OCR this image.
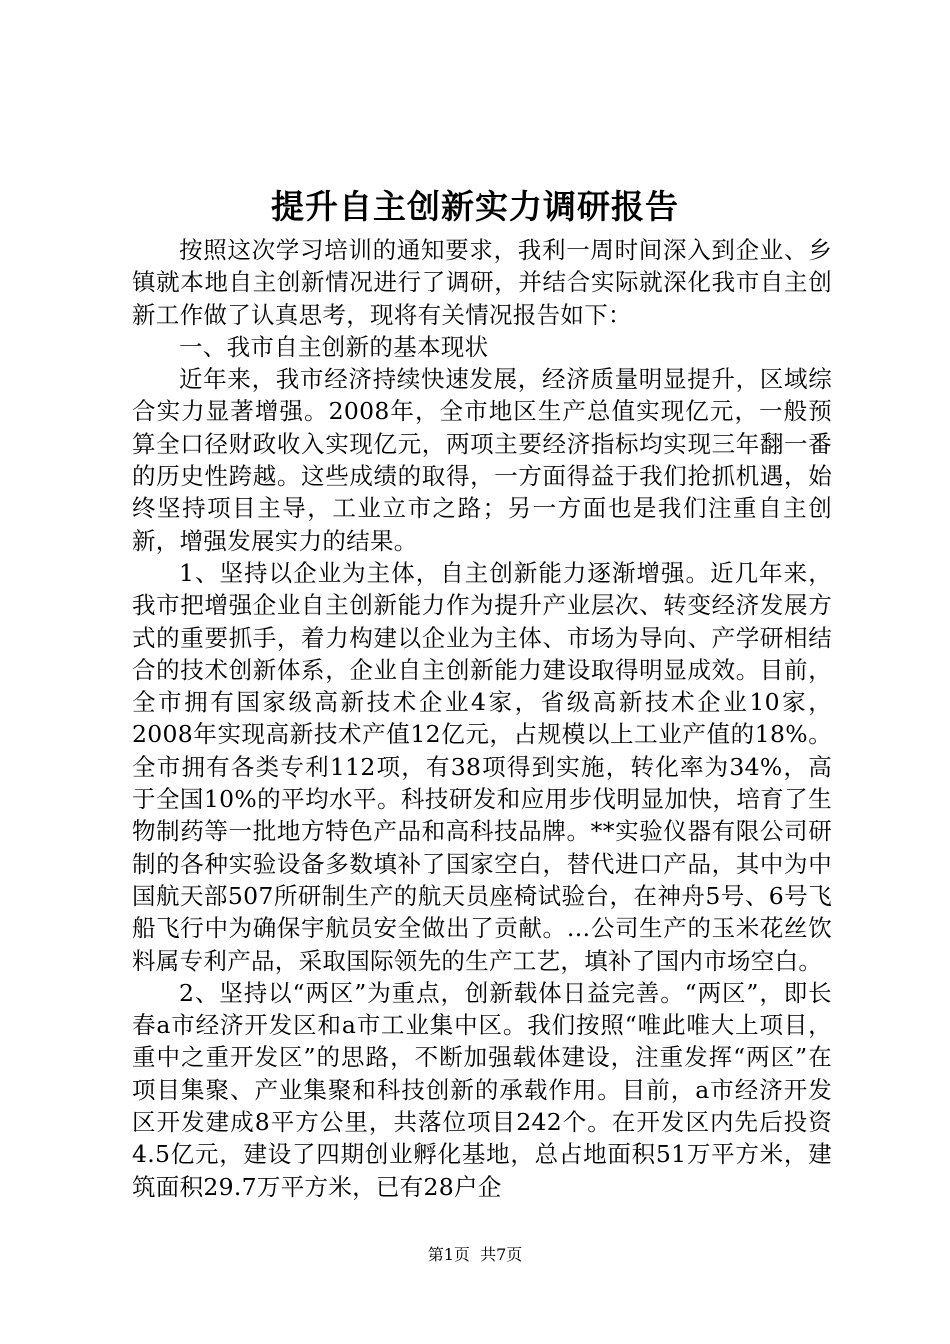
提升自主创新实力调研报告

按照这次学习培训的通知要求，我利一周时间深入到企业、乡镇就本地自主创新情况进行了调研，并结合实际就深化我市自主创新工作做了认真思考，现将有关情况报告如下：

一、我市自主创新的基本现状

近年来，我市经济持续快速发展，经济质量明显提升，区域综合实力显著增强。2008年，全市地区生产总值实现亿元，一般预算全口径财政收入实现亿元，两项主要经济指标均实现三年翻一番的历史性跨越。这些成绩的取得，一方面得益于我们抢抓机遇，始终坚持项目主导，工业立市之路；另一方面也是我们注重自主创新，增强发展实力的结果。

1、坚持以企业为主体，自主创新能力逐渐增强。近几年来，我市把增强企业自主创新能力作为提升产业层次、转变经济发展方式的重要抓手，着力构建以企业为主体、市场为导向、产学研相结合的技术创新体系，企业自主创新能力建设取得明显成效。目前，全市拥有国家级高新技术企业4家，省级高新技术企业10家，2008年实现高新技术产值12亿元，占规模以上工业产值的18%。全市拥有各类专利112项，有38项得到实施，转化率为34%，高于全国10%的平均水平。科技研发和应用步伐明显加快，培育了生物制药等一批地方特色产品和高科技品牌。**实验仪器有限公司研制的各种实验设备多数填补了国家空白，替代进口产品，其中为中国航天部507所研制生产的航天员座椅试验台，在神舟5号、6号飞船飞行中为确保宇航员安全做出了贡献。…公司生产的玉米花丝饮料属专利产品，采取国际领先的生产工艺，填补了国内市场空白。

2、坚持以“两区”为重点，创新载体日益完善。“两区”，即长春a市经济开发区和a市工业集中区。我们按照“唯此唯大上项目，重中之重开发区”的思路，不断加强载体建设，注重发挥“两区”在项目集聚、产业集聚和科技创新的承载作用。目前，a市经济开发区开发建成8平方公里，共落位项目242个。在开发区内先后投资4.5亿元，建设了四期创业孵化基地，总占地面积51万平方米，建筑面积29.7万平方米，已有28户企

第1页  共7页
